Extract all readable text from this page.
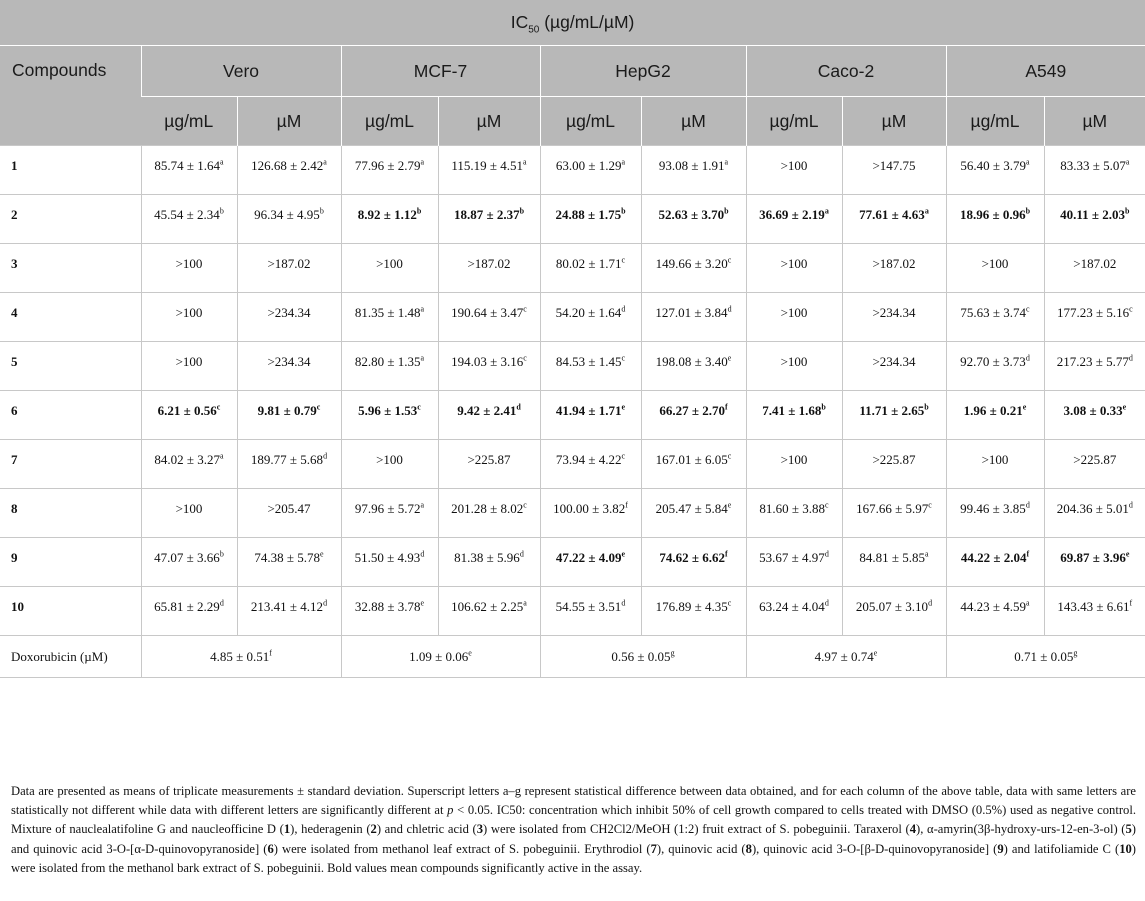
$IC_{50}$ (µg/mL/µM)										
Compounds	Vero		MCF-7		HepG2		Caco-2		A549	
	µg/mL	µM	µg/mL	µM	µg/mL	µM	µg/mL	µM	µg/mL	µM
1	85.74 ± 1.64$^a$	126.68 ± 2.42$^a$	77.96 ± 2.79$^a$	115.19 ± 4.51$^a$	63.00 ± 1.29$^a$	93.08 ± 1.91$^a$	>100	>147.75	56.40 ± 3.79$^a$	83.33 ± 5.07$^a$
2	45.54 ± 2.34$^b$	96.34 ± 4.95$^b$	8.92 ± 1.12$^b$	18.87 ± 2.37$^b$	24.88 ± 1.75$^b$	52.63 ± 3.70$^b$	36.69 ± 2.19$^a$	77.61 ± 4.63$^a$	18.96 ± 0.96$^b$	40.11 ± 2.03$^b$
3	>100	>187.02	>100	>187.02	80.02 ± 1.71$^c$	149.66 ± 3.20$^c$	>100	>187.02	>100	>187.02
4	>100	>234.34	81.35 ± 1.48$^a$	190.64 ± 3.47$^c$	54.20 ± 1.64$^d$	127.01 ± 3.84$^d$	>100	>234.34	75.63 ± 3.74$^c$	177.23 ± 5.16$^c$
5	>100	>234.34	82.80 ± 1.35$^a$	194.03 ± 3.16$^c$	84.53 ± 1.45$^c$	198.08 ± 3.40$^e$	>100	>234.34	92.70 ± 3.73$^d$	217.23 ± 5.77$^d$
6	6.21 ± 0.56$^c$	9.81 ± 0.79$^c$	5.96 ± 1.53$^c$	9.42 ± 2.41$^d$	41.94 ± 1.71$^e$	66.27 ± 2.70$^f$	7.41 ± 1.68$^b$	11.71 ± 2.65$^b$	1.96 ± 0.21$^e$	3.08 ± 0.33$^e$
7	84.02 ± 3.27$^a$	189.77 ± 5.68$^d$	>100	>225.87	73.94 ± 4.22$^c$	167.01 ± 6.05$^c$	>100	>225.87	>100	>225.87
8	>100	>205.47	97.96 ± 5.72$^a$	201.28 ± 8.02$^c$	100.00 ± 3.82$^f$	205.47 ± 5.84$^e$	81.60 ± 3.88$^c$	167.66 ± 5.97$^c$	99.46 ± 3.85$^d$	204.36 ± 5.01$^d$
9	47.07 ± 3.66$^b$	74.38 ± 5.78$^e$	51.50 ± 4.93$^d$	81.38 ± 5.96$^d$	47.22 ± 4.09$^e$	74.62 ± 6.62$^f$	53.67 ± 4.97$^d$	84.81 ± 5.85$^a$	44.22 ± 2.04$^f$	69.87 ± 3.96$^e$
10	65.81 ± 2.29$^d$	213.41 ± 4.12$^d$	32.88 ± 3.78$^e$	106.62 ± 2.25$^a$	54.55 ± 3.51$^d$	176.89 ± 4.35$^c$	63.24 ± 4.04$^d$	205.07 ± 3.10$^d$	44.23 ± 4.59$^a$	143.43 ± 6.61$^f$
Doxorubicin (µM)	4.85 ± 0.51$^f$		1.09 ± 0.06$^e$		0.56 ± 0.05$^g$		4.97 ± 0.74$^e$		0.71 ± 0.05$^g$

Data are presented as means of triplicate measurements ± standard deviation. Superscript letters a–g represent statistical difference between data obtained, and for each column of the above table, data with same letters are statistically not different while data with different letters are significantly different at p < 0.05. IC50: concentration which inhibit 50% of cell growth compared to cells treated with DMSO (0.5%) used as negative control. Mixture of nauclealatifoline G and naucleofficine D (1), hederagenin (2) and chletric acid (3) were isolated from CH2Cl2/MeOH (1:2) fruit extract of S. pobeguinii. Taraxerol (4), α-amyrin(3β-hydroxy-urs-12-en-3-ol) (5) and quinovic acid 3-O-[α-D-quinovopyranoside] (6) were isolated from methanol leaf extract of S. pobeguinii. Erythrodiol (7), quinovic acid (8), quinovic acid 3-O-[β-D-quinovopyranoside] (9) and latifoliamide C (10) were isolated from the methanol bark extract of S. pobeguinii. Bold values mean compounds significantly active in the assay.
